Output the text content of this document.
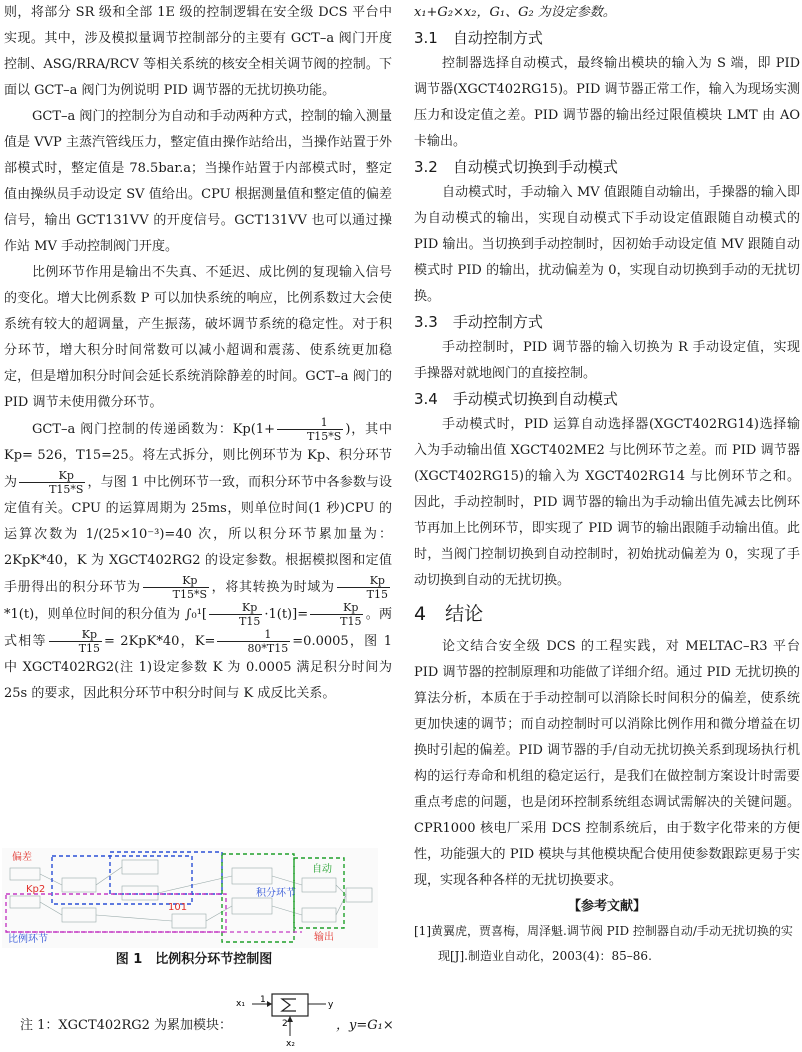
则，将部分 SR 级和全部 1E 级的控制逻辑在安全级 DCS 平台中实现。其中，涉及模拟量调节控制部分的主要有 GCT–a 阀门开度控制、ASG/RRA/RCV 等相关系统的核安全相关调节阀的控制。下面以 GCT–a 阀门为例说明 PID 调节器的无扰切换功能。

GCT–a 阀门的控制分为自动和手动两种方式，控制的输入测量值是 VVP 主蒸汽管线压力，整定值由操作站给出，当操作站置于外部模式时，整定值是 78.5bar.a；当操作站置于内部模式时，整定值由操纵员手动设定 SV 值给出。CPU 根据测量值和整定值的偏差信号，输出 GCT131VV 的开度信号。GCT131VV 也可以通过操作站 MV 手动控制阀门开度。

比例环节作用是输出不失真、不延迟、成比例的复现输入信号的变化。增大比例系数 P 可以加快系统的响应，比例系数过大会使系统有较大的超调量，产生振荡，破坏调节系统的稳定性。对于积分环节，增大积分时间常数可以减小超调和震荡、使系统更加稳定，但是增加积分时间会延长系统消除静差的时间。GCT–a 阀门的 PID 调节未使用微分环节。

GCT–a 阀门控制的传递函数为：$Kp(1+ \frac{1}{T15*S}$ )，其中 Kp= 526，T15=25。将左式拆分，则比例环节为 Kp、积分环节为 $\frac{Kp}{T15*S}$ ，与图 1 中比例环节一致，而积分环节中各参数与设定值有关。CPU 的运算周期为 25ms，则单位时间(1 秒)CPU 的运算次数为 1/(25×10⁻³)=40 次，所以积分环节累加量为：2KpK*40，K 为 XGCT402RG2 的设定参数。根据模拟图和定值手册得出的积分环节为 $\frac{Kp}{T15*S}$ ，将其转换为时域为 $\frac{Kp}{T15}$
*1(t)，则单位时间的积分值为 $\int_0^1[ \frac{Kp}{T15} \cdot 1(t)]= \frac{Kp}{T15}$ 。两式相等 $\frac{Kp}{T15} = 2KpK*40$，$K= \frac{1}{80*T15} =0.0005$，图 1 中 XGCT402RG2(注 1)设定参数 K 为 0.0005 满足积分时间为 25s 的要求，因此积分环节中积分时间与 K 成反比关系。

偏差
Kp2
比例环节
积分环节
自动
输出
101
图 1　比例积分环节控制图
x₁ 1	y
2
x₂
注 1：XGCT402RG2 为累加模块：	，y=G₁×

x₁+G₂×x₂，G₁、G₂ 为设定参数。

3.1　自动控制方式

控制器选择自动模式，最终输出模块的输入为 S 端，即 PID 调节器(XGCT402RG15)。PID 调节器正常工作，输入为现场实测压力和设定值之差。PID 调节器的输出经过限值模块 LMT 由 AO 卡输出。

3.2　自动模式切换到手动模式

自动模式时，手动输入 MV 值跟随自动输出，手操器的输入即为自动模式的输出，实现自动模式下手动设定值跟随自动模式的 PID 输出。当切换到手动控制时，因初始手动设定值 MV 跟随自动模式时 PID 的输出，扰动偏差为 0，实现自动切换到手动的无扰切换。

3.3　手动控制方式

手动控制时，PID 调节器的输入切换为 R 手动设定值，实现手操器对就地阀门的直接控制。

3.4　手动模式切换到自动模式

手动模式时，PID 运算自动选择器(XGCT402RG14)选择输入为手动输出值 XGCT402ME2 与比例环节之差。而 PID 调节器(XGCT402RG15)的输入为 XGCT402RG14 与比例环节之和。因此，手动控制时，PID 调节器的输出为手动输出值先减去比例环节再加上比例环节，即实现了 PID 调节的输出跟随手动输出值。此时，当阀门控制切换到自动控制时，初始扰动偏差为 0，实现了手动切换到自动的无扰切换。

4　结论

论文结合安全级 DCS 的工程实践，对 MELTAC–R3 平台 PID 调节器的控制原理和功能做了详细介绍。通过 PID 无扰切换的算法分析，本质在于手动控制可以消除长时间积分的偏差，使系统更加快速的调节；而自动控制时可以消除比例作用和微分增益在切换时引起的偏差。PID 调节器的手/自动无扰切换关系到现场执行机构的运行寿命和机组的稳定运行，是我们在做控制方案设计时需要重点考虑的问题，也是闭环控制系统组态调试需解决的关键问题。CPR1000 核电厂采用 DCS 控制系统后，由于数字化带来的方便性，功能强大的 PID 模块与其他模块配合使用使参数跟踪更易于实现，实现各种各样的无扰切换要求。

【参考文献】

[1]黄翼虎，贾喜梅，周泽魁.调节阀 PID 控制器自动/手动无扰切换的实现[J].制造业自动化，2003(4)：85–86.
